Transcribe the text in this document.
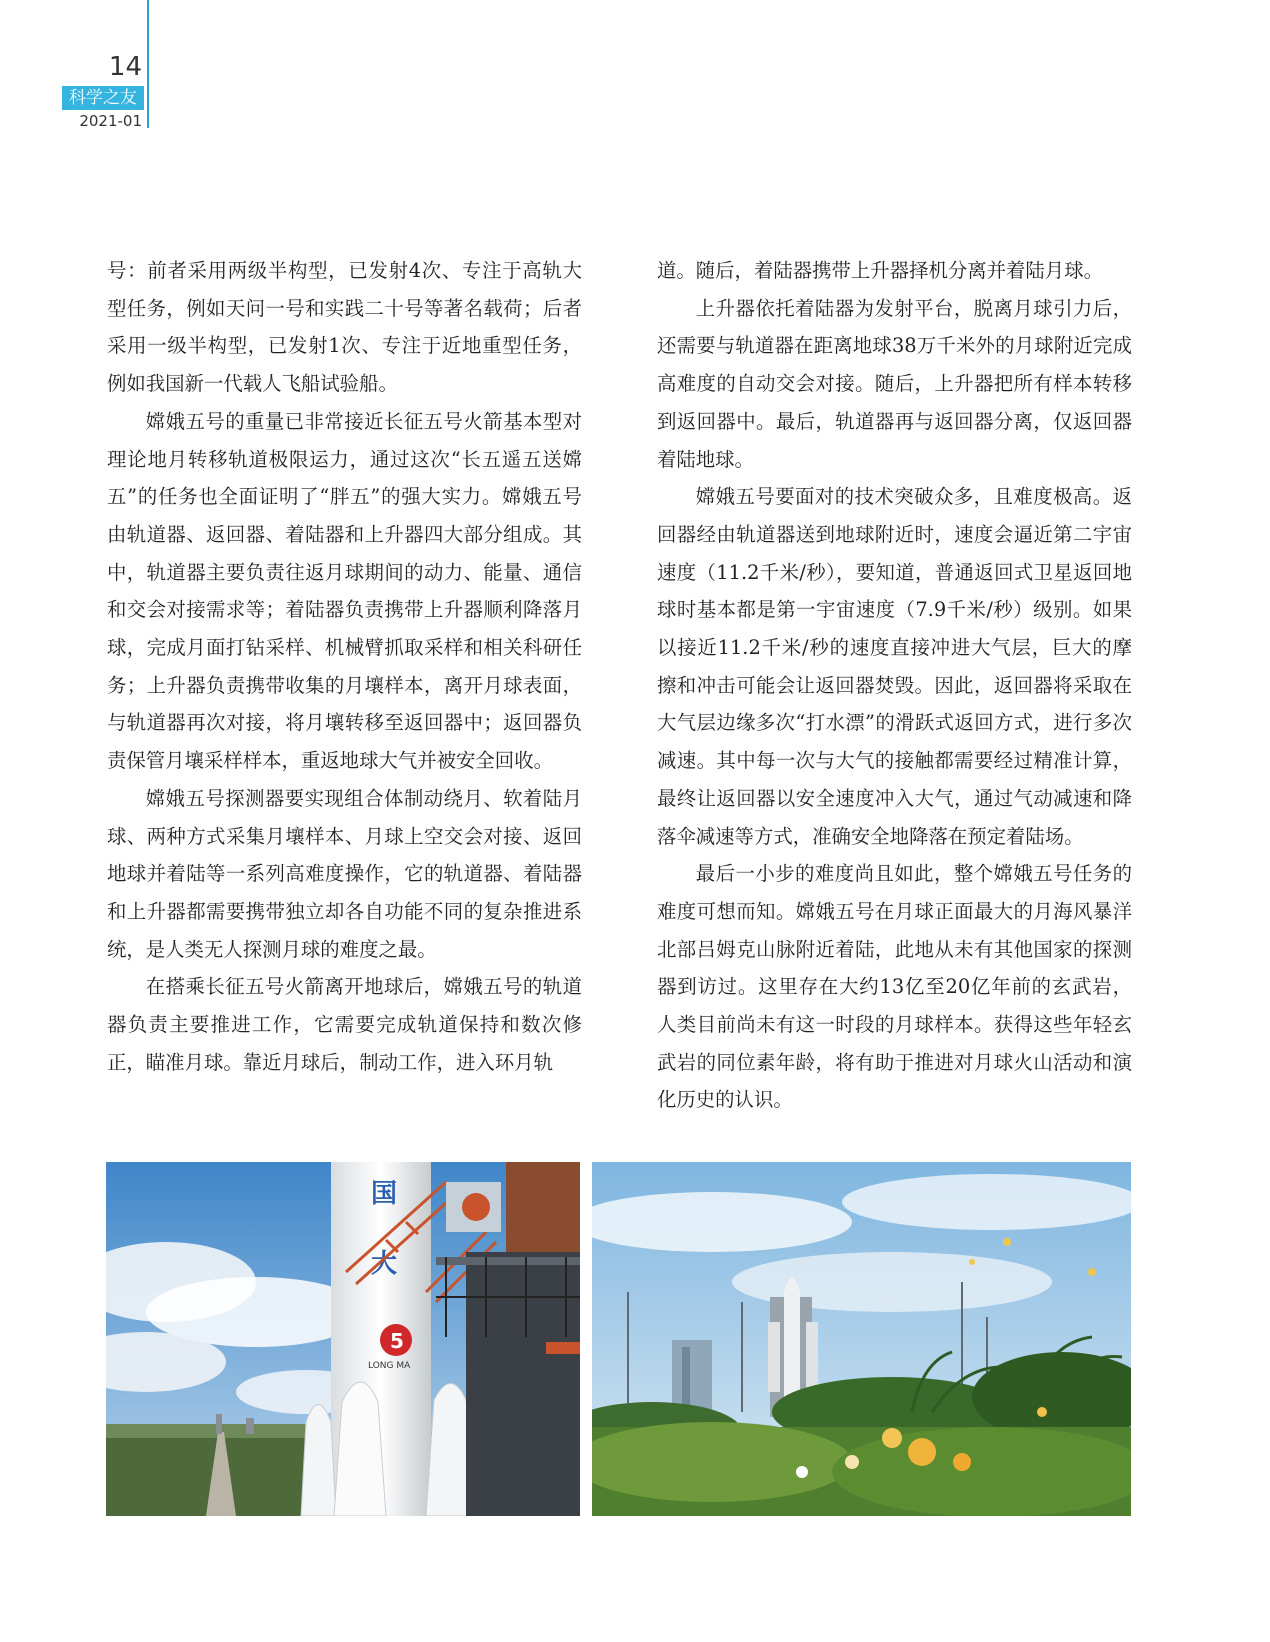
14
科学之友
2021-01

号：前者采用两级半构型，已发射4次、专注于高轨大型任务，例如天问一号和实践二十号等著名载荷；后者采用一级半构型，已发射1次、专注于近地重型任务，例如我国新一代载人飞船试验船。

嫦娥五号的重量已非常接近长征五号火箭基本型对理论地月转移轨道极限运力，通过这次“长五遥五送嫦五”的任务也全面证明了“胖五”的强大实力。嫦娥五号由轨道器、返回器、着陆器和上升器四大部分组成。其中，轨道器主要负责往返月球期间的动力、能量、通信和交会对接需求等；着陆器负责携带上升器顺利降落月球，完成月面打钻采样、机械臂抓取采样和相关科研任务；上升器负责携带收集的月壤样本，离开月球表面，与轨道器再次对接，将月壤转移至返回器中；返回器负责保管月壤采样样本，重返地球大气并被安全回收。

嫦娥五号探测器要实现组合体制动绕月、软着陆月球、两种方式采集月壤样本、月球上空交会对接、返回地球并着陆等一系列高难度操作，它的轨道器、着陆器和上升器都需要携带独立却各自功能不同的复杂推进系统，是人类无人探测月球的难度之最。

在搭乘长征五号火箭离开地球后，嫦娥五号的轨道器负责主要推进工作，它需要完成轨道保持和数次修正，瞄准月球。靠近月球后，制动工作，进入环月轨

道。随后，着陆器携带上升器择机分离并着陆月球。

上升器依托着陆器为发射平台，脱离月球引力后，还需要与轨道器在距离地球38万千米外的月球附近完成高难度的自动交会对接。随后，上升器把所有样本转移到返回器中。最后，轨道器再与返回器分离，仅返回器着陆地球。

嫦娥五号要面对的技术突破众多，且难度极高。返回器经由轨道器送到地球附近时，速度会逼近第二宇宙速度（11.2千米/秒），要知道，普通返回式卫星返回地球时基本都是第一宇宙速度（7.9千米/秒）级别。如果以接近11.2千米/秒的速度直接冲进大气层，巨大的摩擦和冲击可能会让返回器焚毁。因此，返回器将采取在大气层边缘多次“打水漂”的滑跃式返回方式，进行多次减速。其中每一次与大气的接触都需要经过精准计算，最终让返回器以安全速度冲入大气，通过气动减速和降落伞减速等方式，准确安全地降落在预定着陆场。

最后一小步的难度尚且如此，整个嫦娥五号任务的难度可想而知。嫦娥五号在月球正面最大的月海风暴洋北部吕姆克山脉附近着陆，此地从未有其他国家的探测器到访过。这里存在大约13亿至20亿年前的玄武岩，人类目前尚未有这一时段的月球样本。获得这些年轻玄武岩的同位素年龄，将有助于推进对月球火山活动和演化历史的认识。

国
大
5
LONG MA
